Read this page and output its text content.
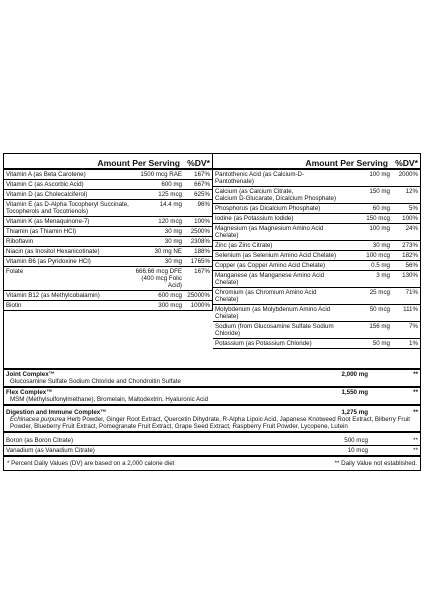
Amount Per Serving %DV*
Vitamin A (as Beta Carotene)	1500 mcg RAE	167%
Vitamin C (as Ascorbic Acid)	600 mg	667%
Vitamin D (as Cholecalciferol)	125 mcg	625%
Vitamin E (as D-Alpha Tocopheryl Succinate,
Tocopherols and Tocotrienols)
14.4 mg	96%
Vitamin K (as Menaquinone-7)	120 mcg	100%
Thiamin (as Thiamin HCl)	30 mg	2500%
Riboflavin	30 mg	2308%
Niacin (as Inositol Hexanicotinate)	30 mg NE	188%
Vitamin B6 (as Pyridoxine HCl)	30 mg	1765%
Folate	666.66 mcg DFE
(400 mcg Folic Acid)
167%
Vitamin B12 (as Methylcobalamin)	600 mcg 25000%
Biotin	300 mcg	1000%
Amount Per Serving %DV*
Pantothenic Acid (as Calcium-D-Pantothenate)
100 mg	2000%
Calcium (as Calcium Citrate,
Calcium D-Glucarate, Dicalcium Phosphate)
150 mg	12%
Phosphorus (as Dicalcium Phosphate)	60 mg	5%
Iodine (as Potassium Iodide)	150 mcg	100%
Magnesium (as Magnesium Amino Acid Chelate)
100 mg	24%
Zinc (as Zinc Citrate)	30 mg	273%
Selenium (as Selenium Amino Acid Chelate)	100 mcg	182%
Copper (as Copper Amino Acid Chelate)	0.5 mg	56%
Manganese (as Manganese Amino Acid Chelate)
3 mg	130%
Chromium (as Chromium Amino Acid Chelate)
25 mcg	71%
Molybdenum (as Molybdenum Amino Acid Chelate)
50 mcg	111%
Sodium (from Glucosamine Sulfate Sodium Chloride)
156 mg	7%
Potassium (as Potassium Chloride)	50 mg	1%
Joint Complex™	2,000 mg	**
Glucosamine Sulfate Sodium Chloride and Chondroitin Sulfate
Flex Complex™	1,550 mg	**
MSM (Methylsulfonylmethane), Bromelain, Maltodextrin, Hyaluronic Acid
Digestion and Immune Complex™	1,275 mg	**
Echinacea purpurea Herb Powder, Ginger Root Extract, Quercetin Dihydrate, R-Alpha Lipoic Acid, Japanese Knotweed Root Extract, Bilberry Fruit Powder, Blueberry Fruit Extract, Pomegranate Fruit Extract, Grape Seed Extract, Raspberry Fruit Powder, Lycopene, Lutein
Boron (as Boron Citrate)	500 mcg	**
Vanadium (as Vanadium Citrate)	10 mcg	**
* Percent Daily Values (DV) are based on a 2,000 calorie diet	** Daily Value not established.
